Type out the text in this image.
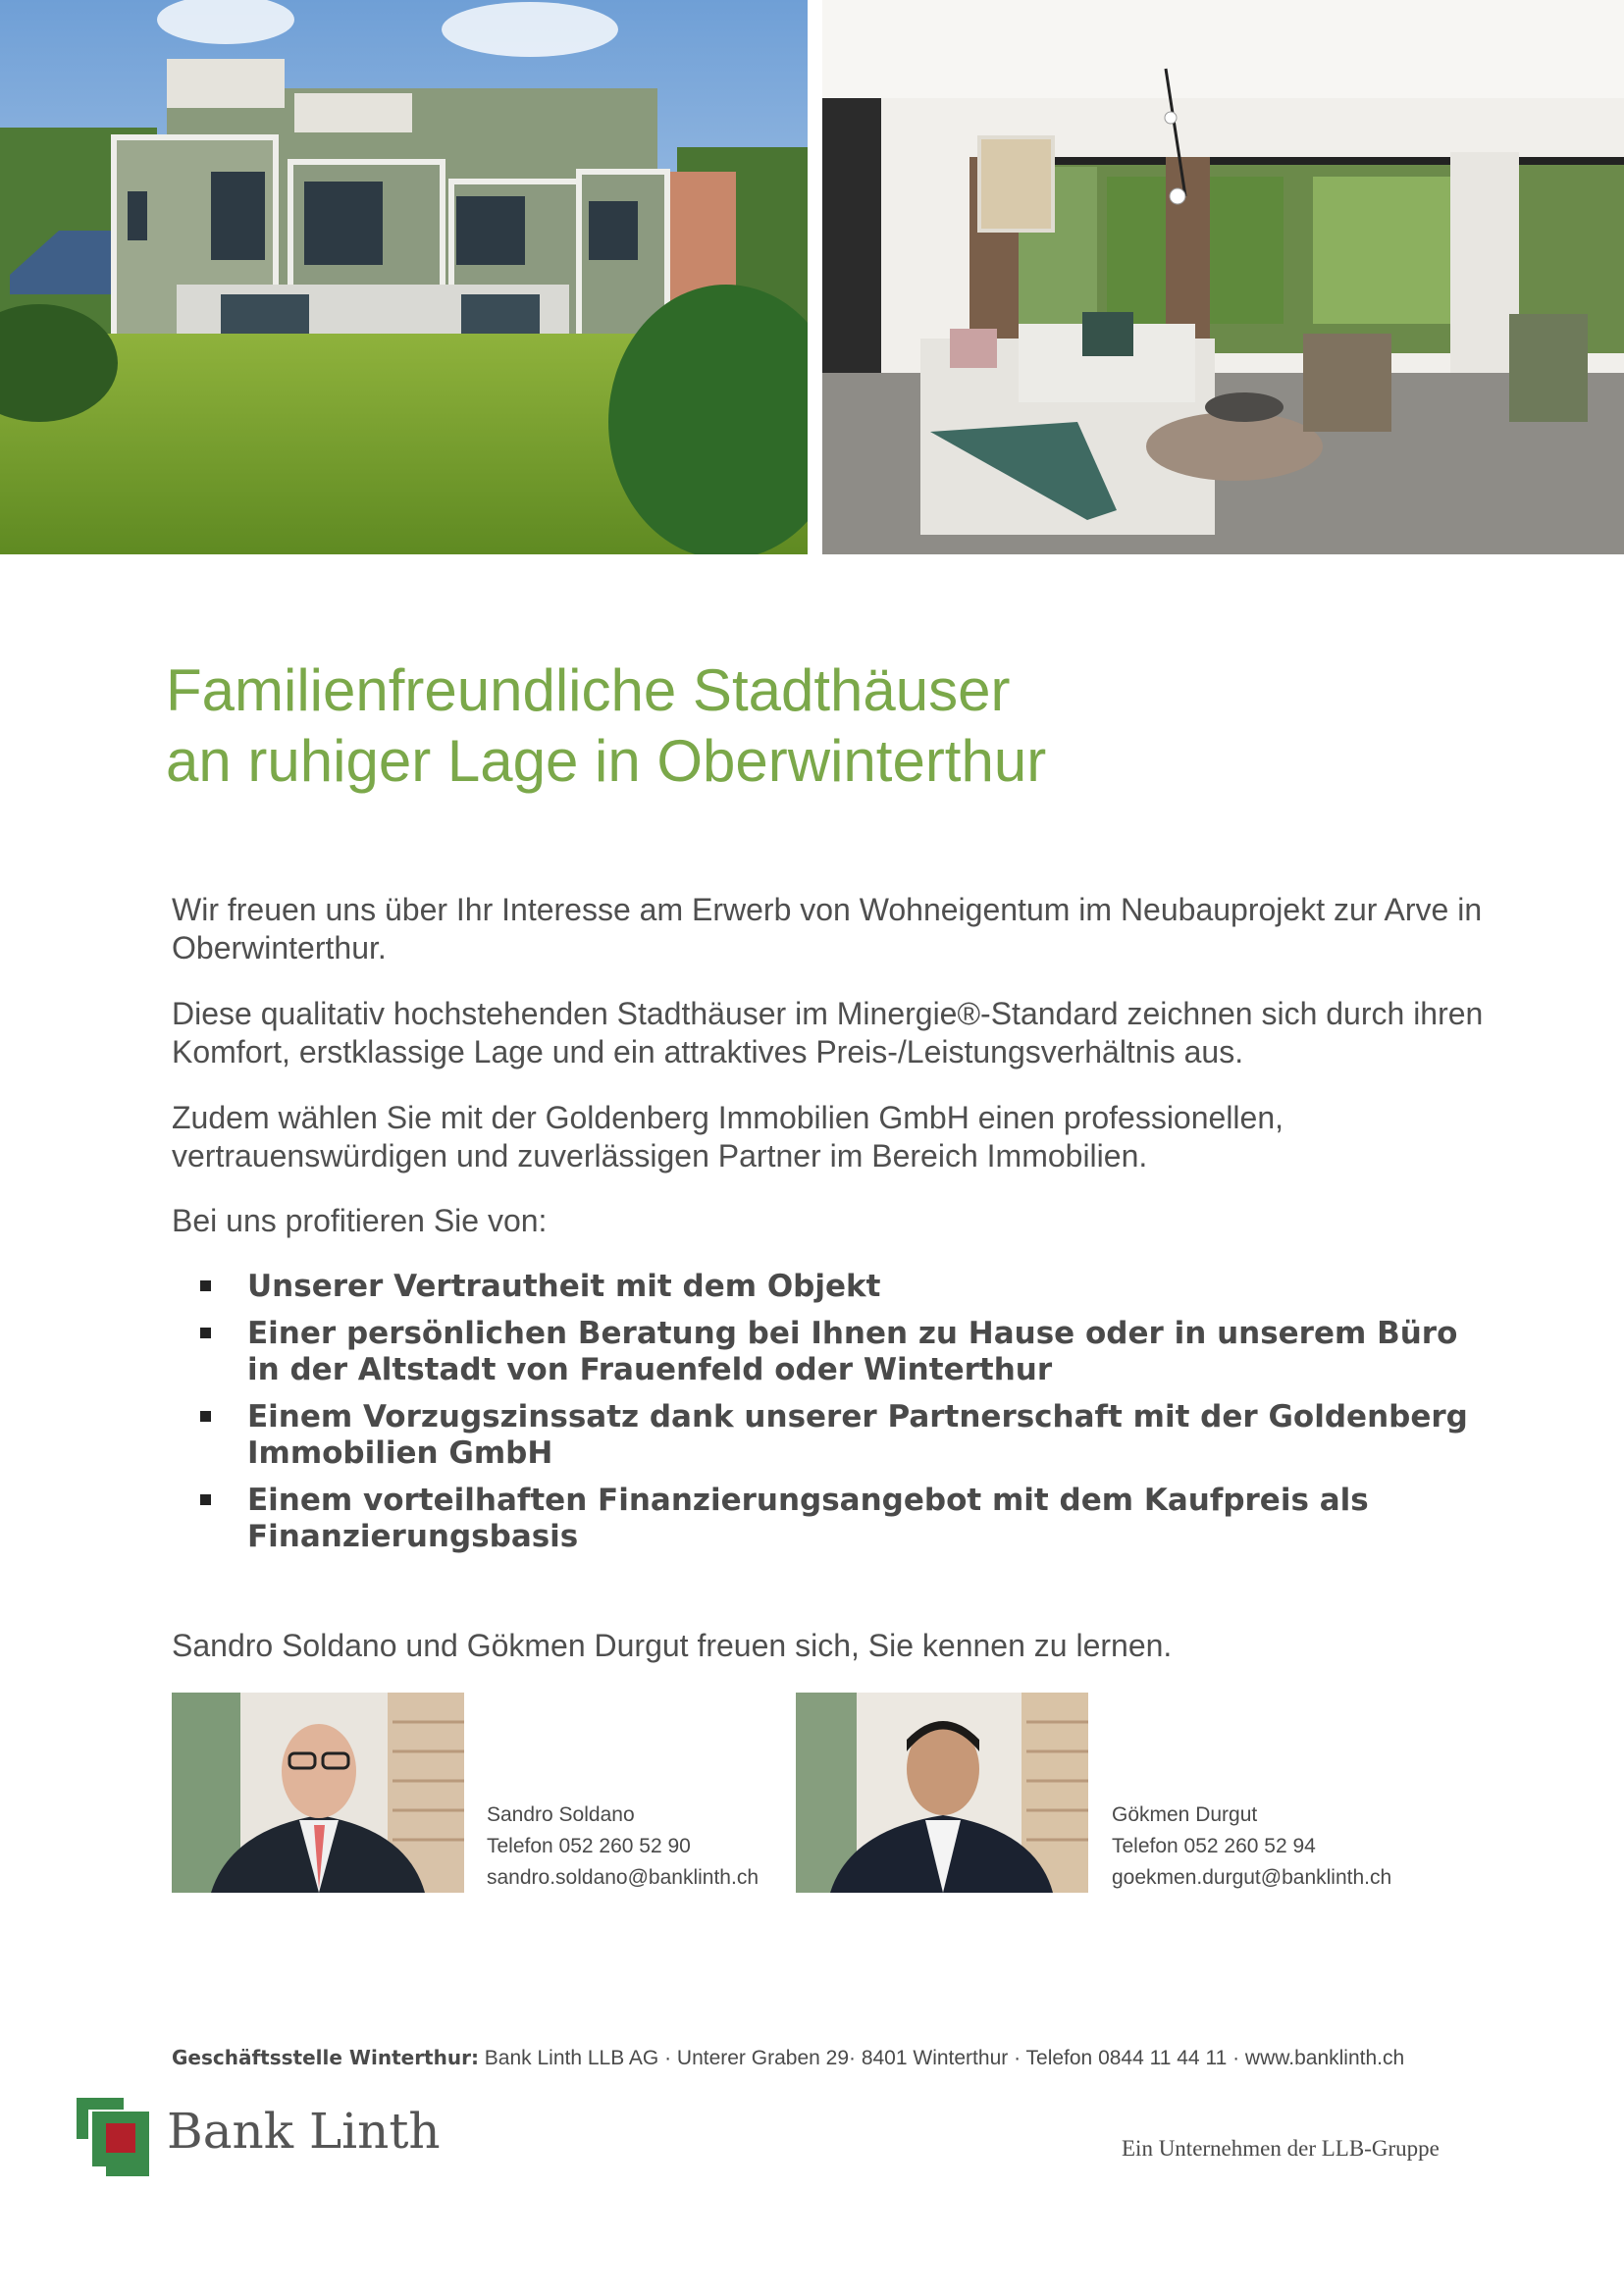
Familienfreundliche Stadthäuser
an ruhiger Lage in Oberwinterthur
Wir freuen uns über Ihr Interesse am Erwerb von Wohneigentum im Neubauprojekt zur Arve in Oberwinterthur.
Diese qualitativ hochstehenden Stadthäuser im Minergie®-Standard zeichnen sich durch ihren Komfort, erstklassige Lage und ein attraktives Preis-/Leistungsverhältnis aus.
Zudem wählen Sie mit der Goldenberg Immobilien GmbH einen professionellen, vertrauenswürdigen und zuverlässigen Partner im Bereich Immobilien.
Bei uns profitieren Sie von:
Unserer Vertrautheit mit dem Objekt
Einer persönlichen Beratung bei Ihnen zu Hause oder in unserem Büro in der Altstadt von Frauenfeld oder Winterthur
Einem Vorzugszinssatz dank unserer Partnerschaft mit der Goldenberg Immobilien GmbH
Einem vorteilhaften Finanzierungsangebot mit dem Kaufpreis als Finanzierungsbasis
Sandro Soldano und Gökmen Durgut freuen sich, Sie kennen zu lernen.
Sandro Soldano
Telefon 052 260 52 90
sandro.soldano@banklinth.ch
Gökmen Durgut
Telefon 052 260 52 94
goekmen.durgut@banklinth.ch
Geschäftsstelle Winterthur: Bank Linth LLB AG · Unterer Graben 29· 8401 Winterthur · Telefon 0844 11 44 11 · www.banklinth.ch
Bank Linth	Ein Unternehmen der LLB-Gruppe
